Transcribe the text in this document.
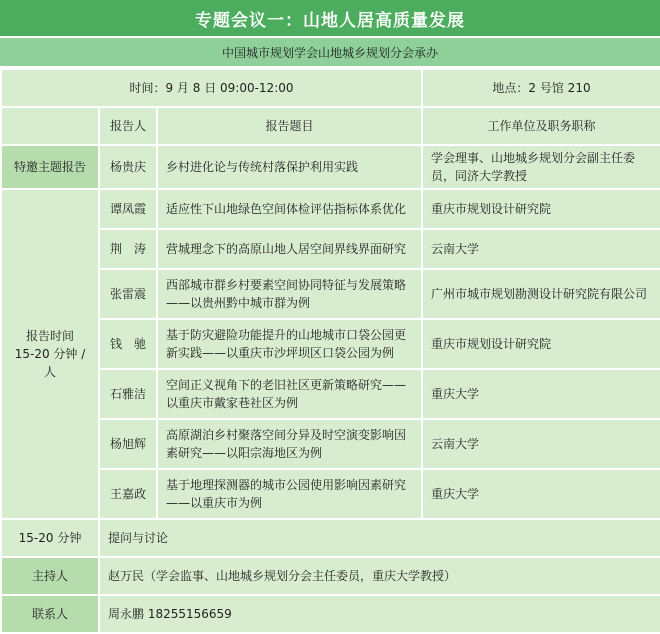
专题会议一：山地人居高质量发展
中国城市规划学会山地城乡规划分会承办
时间：9 月 8 日 09:00-12:00			地点：2 号馆 210
	报告人	报告题目	工作单位及职务职称
特邀主题报告	杨贵庆	乡村进化论与传统村落保护利用实践	学会理事、山地城乡规划分会副主任委员，同济大学教授

报告时间
15-20 分钟 / 人	谭凤霞	适应性下山地绿色空间体检评估指标体系优化	重庆市规划设计研究院
	荆　涛	营城理念下的高原山地人居空间界线界面研究	云南大学
	张雷震	西部城市群乡村要素空间协同特征与发展策略——以贵州黔中城市群为例	广州市城市规划勘测设计研究院有限公司
	钱　驰	基于防灾避险功能提升的山地城市口袋公园更新实践——以重庆市沙坪坝区口袋公园为例	重庆市规划设计研究院
	石雅洁	空间正义视角下的老旧社区更新策略研究——以重庆市戴家巷社区为例	重庆大学
	杨旭辉	高原湖泊乡村聚落空间分异及时空演变影响因素研究——以阳宗海地区为例	云南大学
	王嘉政	基于地理探测器的城市公园使用影响因素研究——以重庆市为例	重庆大学
15-20 分钟	提问与讨论		
主持人	赵万民（学会监事、山地城乡规划分会主任委员，重庆大学教授）		
联系人	周永鹏 18255156659		
